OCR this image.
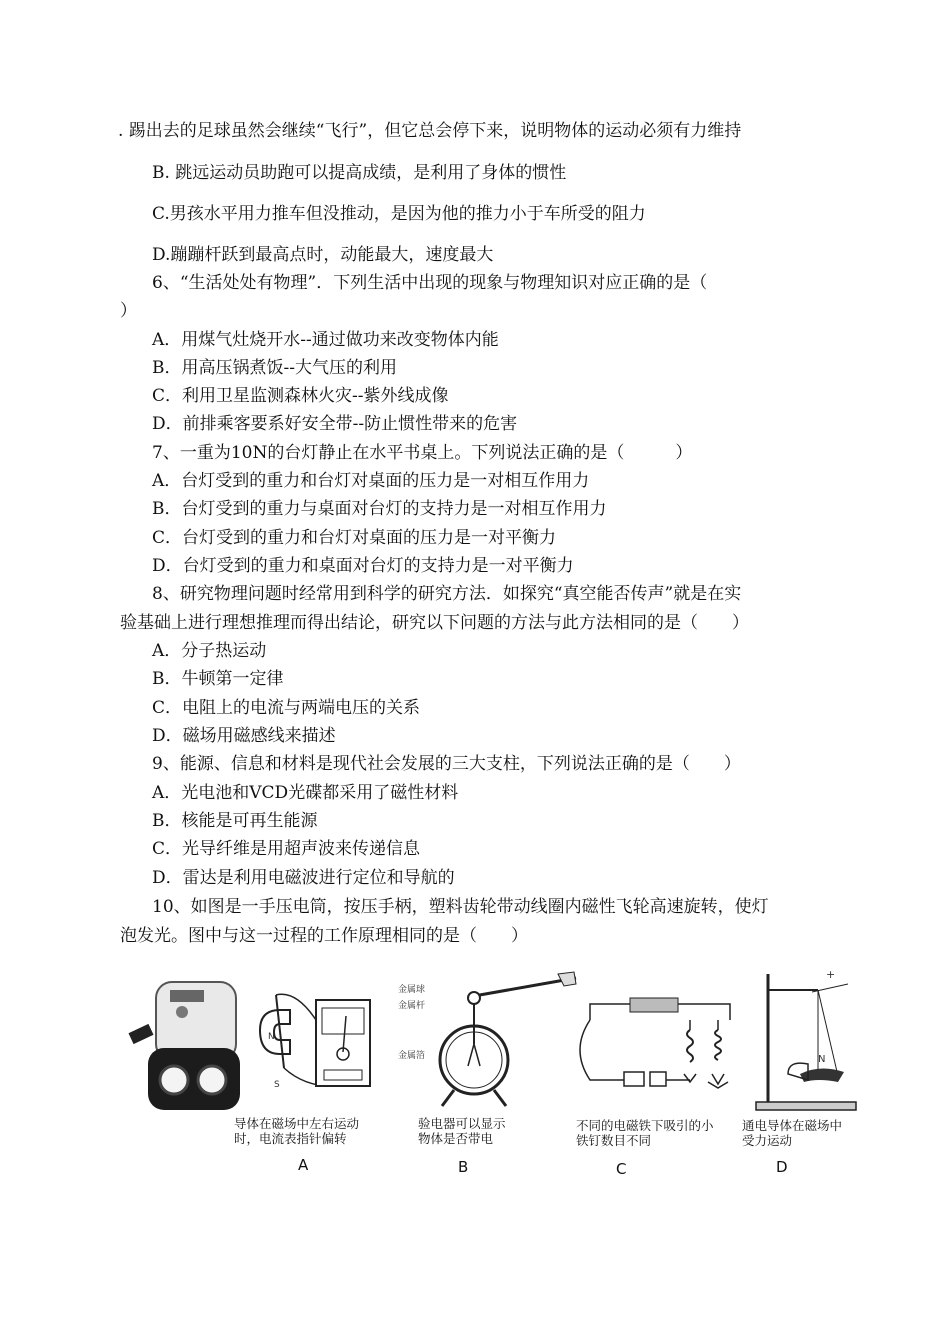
. 踢出去的足球虽然会继续“飞行”，但它总会停下来，说明物体的运动必须有力维持
B. 跳远运动员助跑可以提高成绩，是利用了身体的惯性
C.男孩水平用力推车但没推动，是因为他的推力小于车所受的阻力
D.蹦蹦杆跃到最高点时，动能最大，速度最大
6、“生活处处有物理”．下列生活中出现的现象与物理知识对应正确的是（
）
A．用煤气灶烧开水--通过做功来改变物体内能
B．用高压锅煮饭--大气压的利用
C．利用卫星监测森林火灾--紫外线成像
D．前排乘客要系好安全带--防止惯性带来的危害
7、一重为10N的台灯静止在水平书桌上。下列说法正确的是（　　　）
A．台灯受到的重力和台灯对桌面的压力是一对相互作用力
B．台灯受到的重力与桌面对台灯的支持力是一对相互作用力
C．台灯受到的重力和台灯对桌面的压力是一对平衡力
D．台灯受到的重力和桌面对台灯的支持力是一对平衡力
8、研究物理问题时经常用到科学的研究方法．如探究“真空能否传声”就是在实
验基础上进行理想推理而得出结论，研究以下问题的方法与此方法相同的是（　　）
A．分子热运动
B．牛顿第一定律
C．电阻上的电流与两端电压的关系
D．磁场用磁感线来描述
9、能源、信息和材料是现代社会发展的三大支柱，下列说法正确的是（　　）
A．光电池和VCD光碟都采用了磁性材料
B．核能是可再生能源
C．光导纤维是用超声波来传递信息
D．雷达是利用电磁波进行定位和导航的
10、如图是一手压电筒，按压手柄，塑料齿轮带动线圈内磁性飞轮高速旋转，使灯
泡发光。图中与这一过程的工作原理相同的是（　　）
N
S
金属球
金属杆
金属箔
+
N
导体在磁场中左右运动
时，电流表指针偏转
验电器可以显示
物体是否带电
不同的电磁铁下吸引的小
铁钉数目不同
通电导体在磁场中
受力运动
A	B	C	D
